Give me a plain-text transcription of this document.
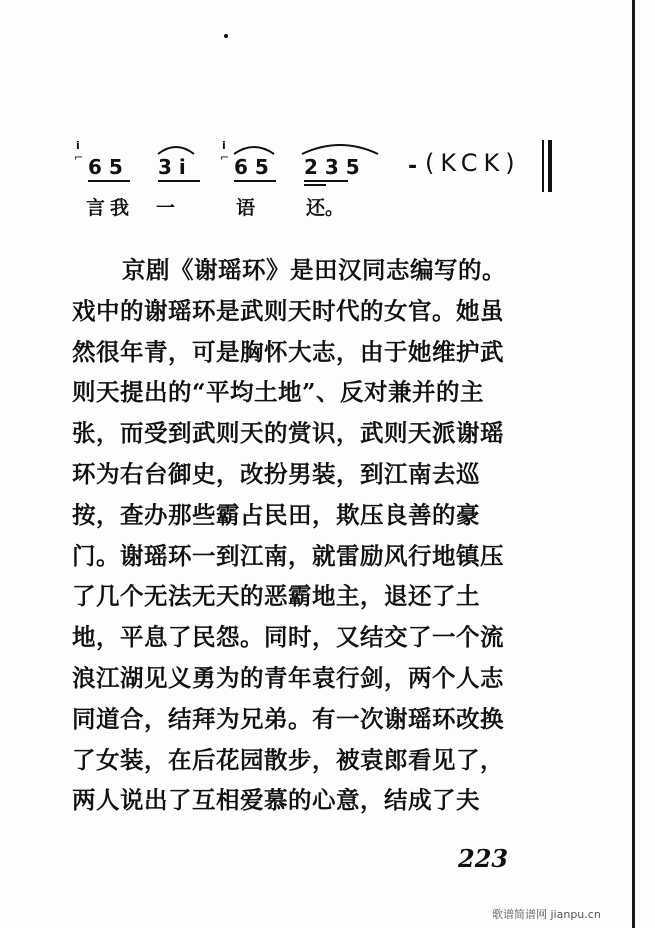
i
⌐ 6 5 3 i
i
⌐ 6 5 2 3 5 - (KCK)
言 我 一	语	还。

京剧《谢瑶环》是田汉同志编写的。

戏中的谢瑶环是武则天时代的女官。她虽

然很年青，可是胸怀大志，由于她维护武

则天提出的“平均土地”、反对兼并的主

张，而受到武则天的赏识，武则天派谢瑶

环为右台御史，改扮男装，到江南去巡

按，查办那些霸占民田，欺压良善的豪

门。谢瑶环一到江南，就雷励风行地镇压

了几个无法无天的恶霸地主，退还了土

地，平息了民怨。同时，又结交了一个流

浪江湖见义勇为的青年袁行剑，两个人志

同道合，结拜为兄弟。有一次谢瑶环改换

了女装，在后花园散步，被袁郎看见了，

两人说出了互相爱慕的心意，结成了夫

223
歌谱简谱网 jianpu.cn
